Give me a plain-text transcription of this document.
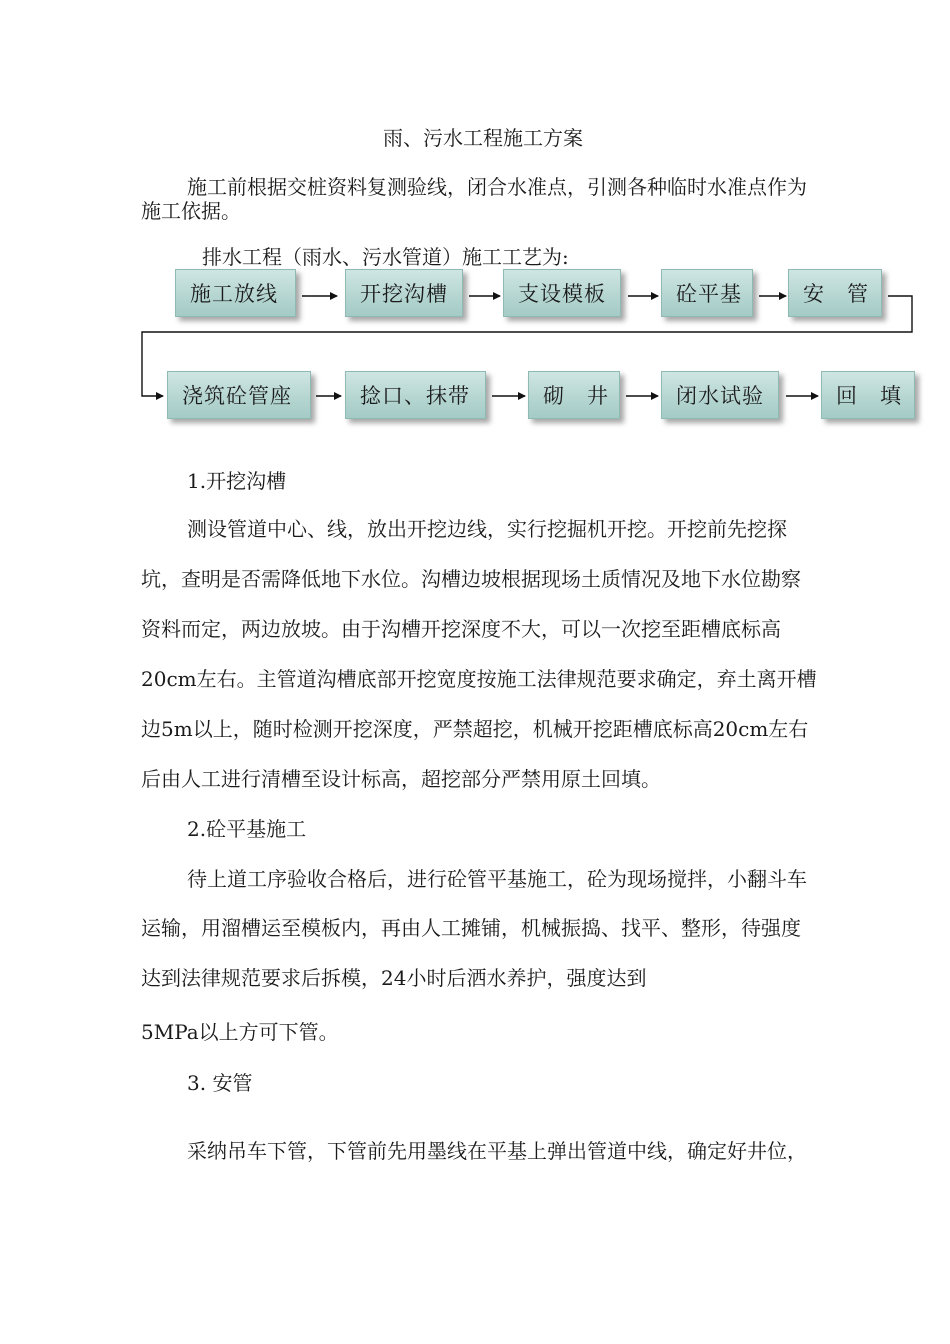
雨、污水工程施工方案
施工前根据交桩资料复测验线，闭合水准点，引测各种临时水准点作为
施工依据。
排水工程（雨水、污水管道）施工工艺为:
施工放线	开挖沟槽	支设模板	砼平基	安　管
浇筑砼管座	捻口、抹带	砌　井	闭水试验	回　填
1.开挖沟槽
测设管道中心、线，放出开挖边线，实行挖掘机开挖。开挖前先挖探
坑，查明是否需降低地下水位。沟槽边坡根据现场土质情况及地下水位勘察
资料而定，两边放坡。由于沟槽开挖深度不大，可以一次挖至距槽底标高
20cm左右。主管道沟槽底部开挖宽度按施工法律规范要求确定，弃土离开槽
边5m以上，随时检测开挖深度，严禁超挖，机械开挖距槽底标高20cm左右
后由人工进行清槽至设计标高，超挖部分严禁用原土回填。
2.砼平基施工
待上道工序验收合格后，进行砼管平基施工，砼为现场搅拌，小翻斗车
运输，用溜槽运至模板内，再由人工摊铺，机械振捣、找平、整形，待强度
达到法律规范要求后拆模，24小时后洒水养护，强度达到
5MPa以上方可下管。
3. 安管
采纳吊车下管，下管前先用墨线在平基上弹出管道中线，确定好井位，
